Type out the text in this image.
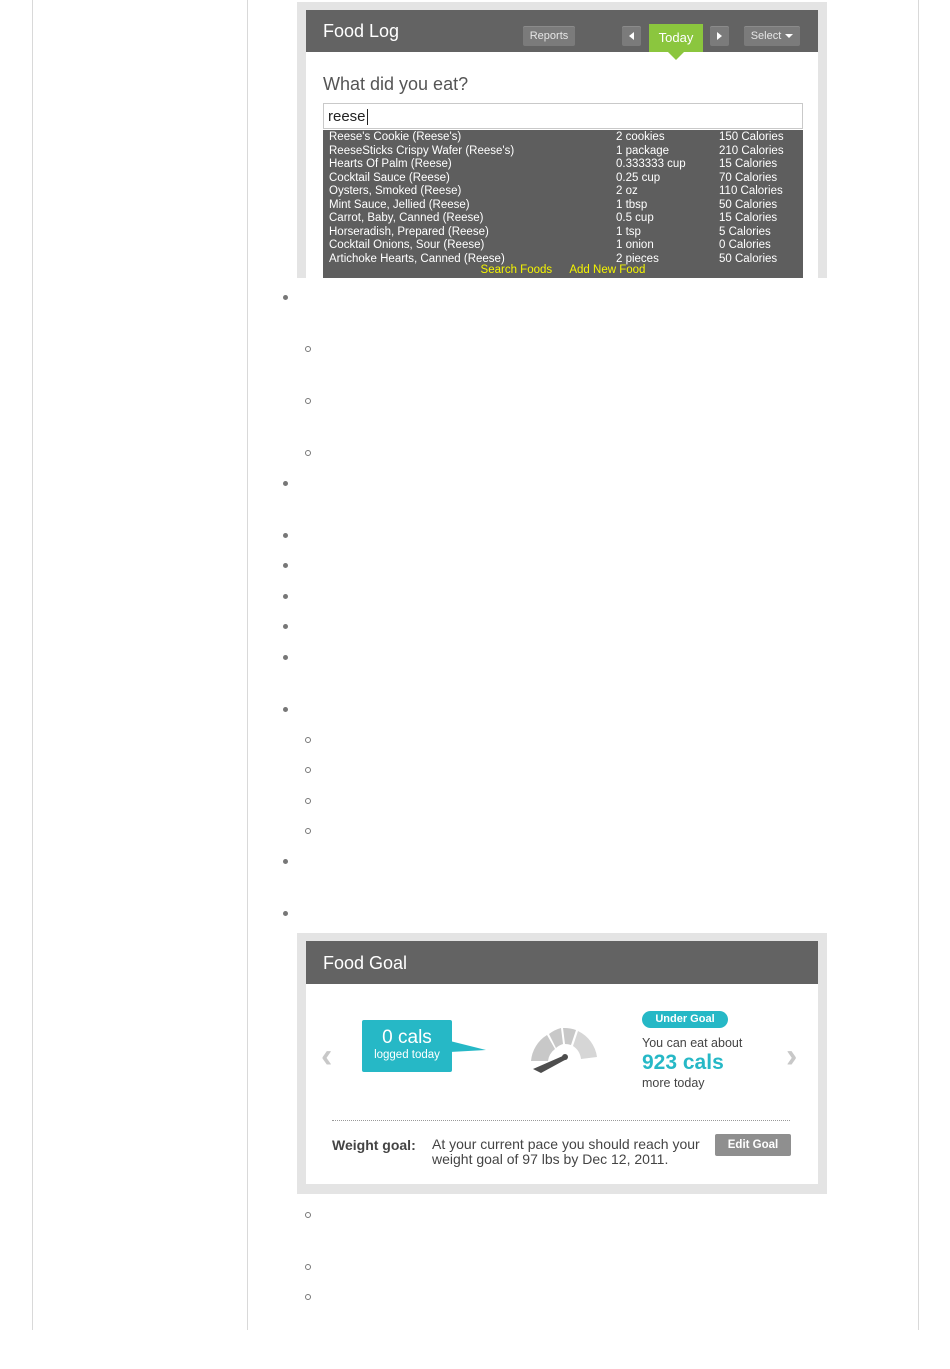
Food Log	Reports	Today	Select
What did you eat?
reese
Reese's Cookie (Reese's)	2 cookies	150 Calories
ReeseSticks Crispy Wafer (Reese's)	1 package	210 Calories
Hearts Of Palm (Reese)	0.333333 cup	15 Calories
Cocktail Sauce (Reese)	0.25 cup	70 Calories
Oysters, Smoked (Reese)	2 oz	110 Calories
Mint Sauce, Jellied (Reese)	1 tbsp	50 Calories
Carrot, Baby, Canned (Reese)	0.5 cup	15 Calories
Horseradish, Prepared (Reese)	1 tsp	5 Calories
Cocktail Onions, Sour (Reese)	1 onion	0 Calories
Artichoke Hearts, Canned (Reese)	2 pieces	50 Calories
Search Foods Add New Food
Food Goal
‹	0 cals
logged today
Under Goal
You can eat about
923 cals
more today
›
Weight goal: At your current pace you should reach your weight goal of 97 lbs by Dec 12, 2011.
Edit Goal
